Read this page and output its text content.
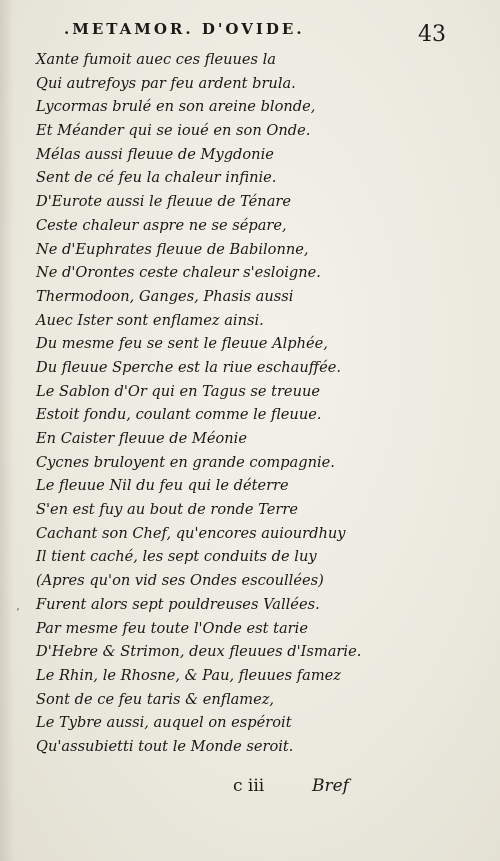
.METAMOR. D'OVIDE.	43
Xante fumoit auec ces fleuues la
Qui autrefoys par feu ardent brula.
Lycormas brulé en son areine blonde,
Et Méander qui se ioué en son Onde.
Mélas aussi fleuue de Mygdonie
Sent de cé feu la chaleur infinie.
D'Eurote aussi le fleuue de Ténare
Ceste chaleur aspre ne se sépare,
Ne d'Euphrates fleuue de Babilonne,
Ne d'Orontes ceste chaleur s'esloigne.
Thermodoon, Ganges, Phasis aussi
Auec Ister sont enflamez ainsi.
Du mesme feu se sent le fleuue Alphée,
Du fleuue Sperche est la riue eschauffée.
Le Sablon d'Or qui en Tagus se treuue
Estoit fondu, coulant comme le fleuue.
En Caister fleuue de Méonie
Cycnes bruloyent en grande compagnie.
Le fleuue Nil du feu qui le déterre
S'en est fuy au bout de ronde Terre
Cachant son Chef, qu'encores auiourdhuy
Il tient caché, les sept conduits de luy
(Apres qu'on vid ses Ondes escoullées)
Furent alors sept pouldreuses Vallées.
Par mesme feu toute l'Onde est tarie
D'Hebre & Strimon, deux fleuues d'Ismarie.
Le Rhin, le Rhosne, & Pau, fleuues famez
Sont de ce feu taris & enflamez,
Le Tybre aussi, auquel on espéroit
Qu'assubietti tout le Monde seroit.
‘
c iii	Bref
